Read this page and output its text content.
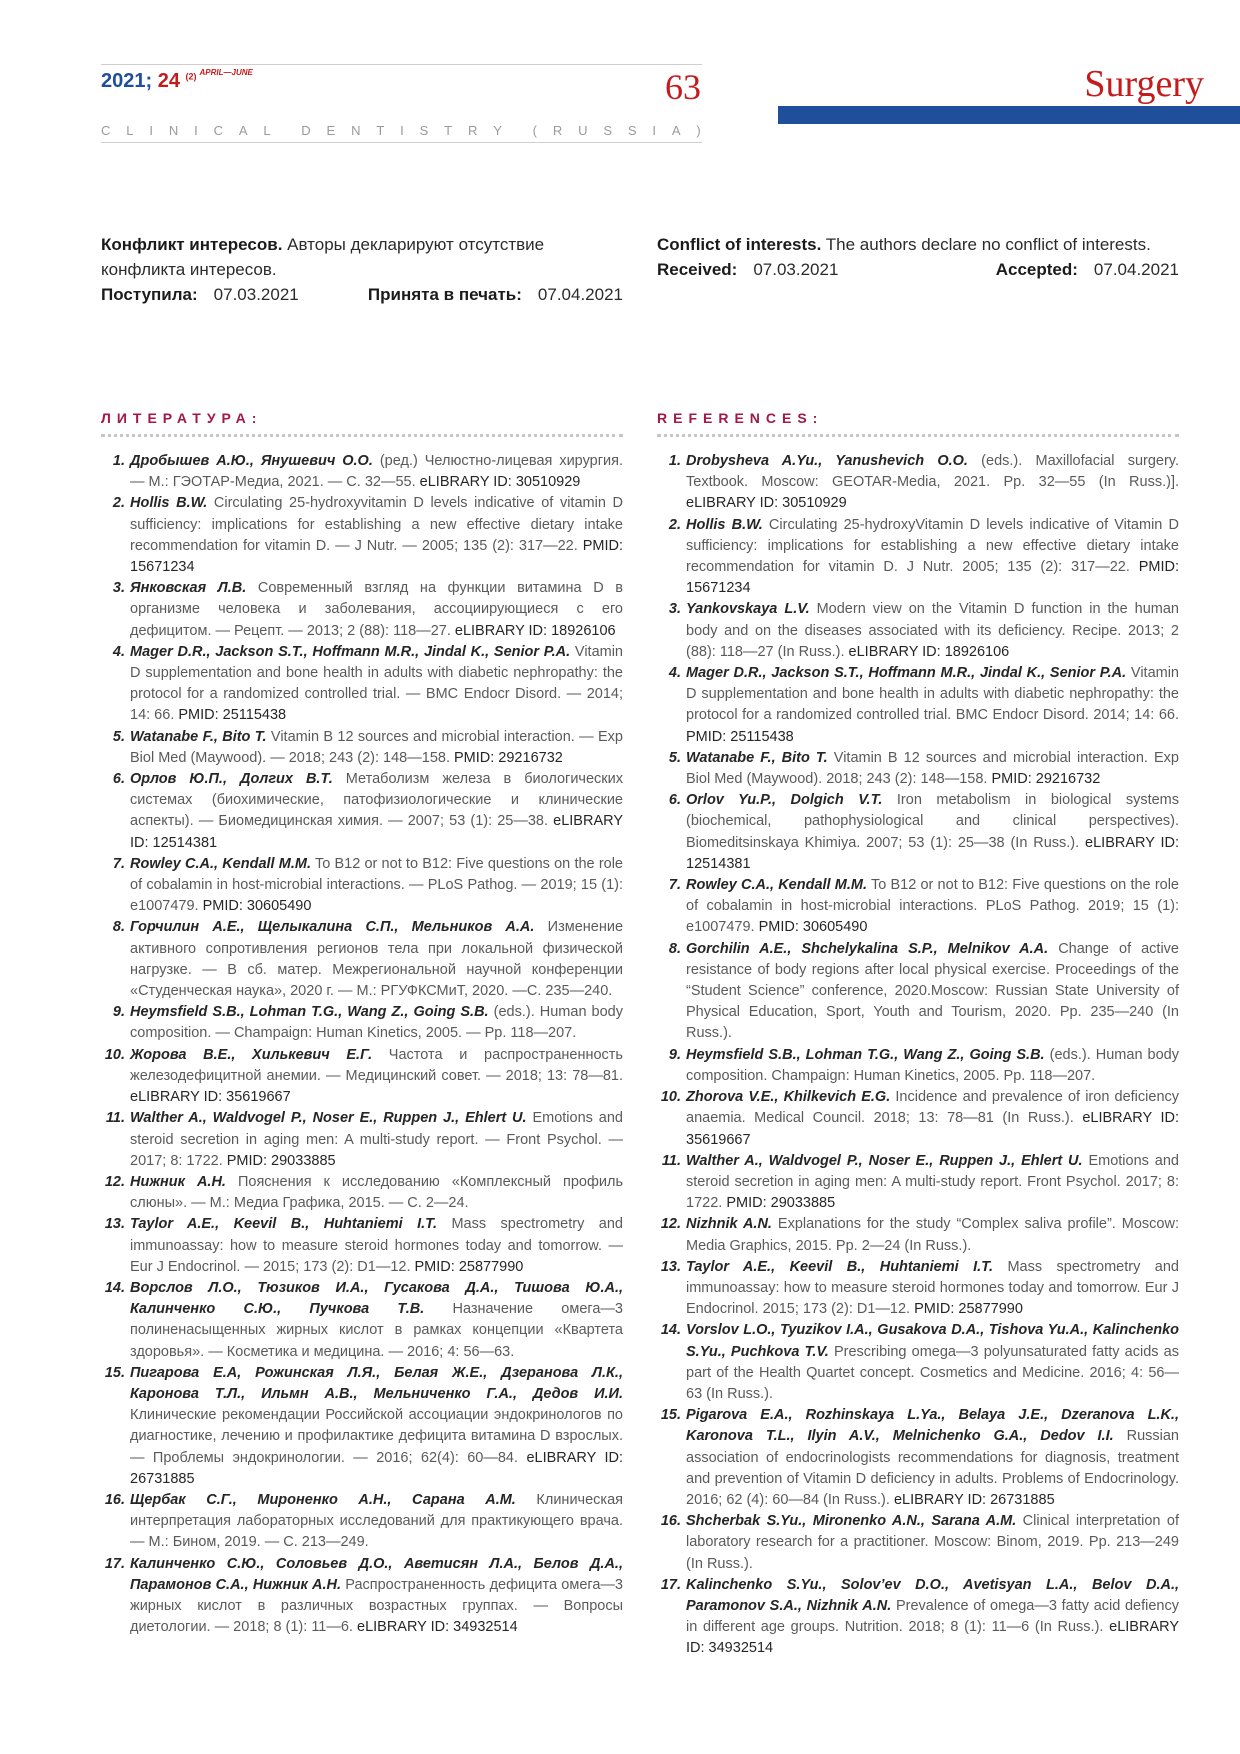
2021; 24 $^{(2)}$ $^{APRIL—JUNE}$	63
C L I N I C A L D E N T I S T R Y ( R U S S I A )
Surgery
Конфликт интересов. Авторы декларируют отсутствие конфликта интересов.
Поступила: 07.03.2021	Принята в печать: 07.04.2021
Conflict of interests. The authors declare no conflict of interests.
Received: 07.03.2021	Accepted: 07.04.2021
ЛИТЕРАТУРА:
1. Дробышев А.Ю., Янушевич О.О. (ред.) Челюстно-лицевая хирургия. — М.: ГЭОТАР-Медиа, 2021. — С. 32—55. eLIBRARY ID: 30510929
2. Hollis B.W. Circulating 25-hydroxyvitamin D levels indicative of vitamin D sufficiency: implications for establishing a new effective dietary intake recommendation for vitamin D. — J Nutr. — 2005; 135 (2): 317—22. PMID: 15671234
3. Янковская Л.В. Современный взгляд на функции витамина D в организме человека и заболевания, ассоциирующиеся с его дефицитом. — Рецепт. — 2013; 2 (88): 118—27. eLIBRARY ID: 18926106
4. Mager D.R., Jackson S.T., Hoffmann M.R., Jindal K., Senior P.A. Vitamin D supplementation and bone health in adults with diabetic nephropathy: the protocol for a randomized controlled trial. — BMC Endocr Disord. — 2014; 14: 66. PMID: 25115438
5. Watanabe F., Bito T. Vitamin B 12 sources and microbial interaction. — Exp Biol Med (Maywood). — 2018; 243 (2): 148—158. PMID: 29216732
6. Орлов Ю.П., Долгих В.Т. Метаболизм железа в биологических системах (биохимические, патофизиологические и клинические аспекты). — Биомедицинская химия. — 2007; 53 (1): 25—38. eLIBRARY ID: 12514381
7. Rowley C.A., Kendall M.M. To B12 or not to B12: Five questions on the role of cobalamin in host-microbial interactions. — PLoS Pathog. — 2019; 15 (1): e1007479. PMID: 30605490
8. Горчилин А.Е., Щелыкалина С.П., Мельников А.А. Изменение активного сопротивления регионов тела при локальной физической нагрузке. — В сб. матер. Межрегиональной научной конференции «Студенческая наука», 2020 г. — М.: РГУФКСМиТ, 2020. —С. 235—240.
9. Heymsfield S.B., Lohman T.G., Wang Z., Going S.B. (eds.). Human body composition. — Champaign: Human Kinetics, 2005. — Pp. 118—207.
10. Жорова В.Е., Хилькевич Е.Г. Частота и распространенность железодефицитной анемии. — Медицинский совет. — 2018; 13: 78—81. eLIBRARY ID: 35619667
11. Walther A., Waldvogel P., Noser E., Ruppen J., Ehlert U. Emotions and steroid secretion in aging men: A multi-study report. — Front Psychol. — 2017; 8: 1722. PMID: 29033885
12. Нижник А.Н. Пояснения к исследованию «Комплексный профиль слюны». — М.: Медиа Графика, 2015. — С. 2—24.
13. Taylor A.E., Keevil B., Huhtaniemi I.T. Mass spectrometry and immunoassay: how to measure steroid hormones today and tomorrow. — Eur J Endocrinol. — 2015; 173 (2): D1—12. PMID: 25877990
14. Ворслов Л.О., Тюзиков И.А., Гусакова Д.А., Тишова Ю.А., Калинченко С.Ю., Пучкова Т.В. Назначение омега—3 полиненасыщенных жирных кислот в рамках концепции «Квартета здоровья». — Косметика и медицина. — 2016; 4: 56—63.
15. Пигарова Е.А, Рожинская Л.Я., Белая Ж.Е., Дзеранова Л.К., Каронова Т.Л., Ильмн А.В., Мельниченко Г.А., Дедов И.И. Клинические рекомендации Российской ассоциации эндокринологов по диагностике, лечению и профилактике дефицита витамина D взрослых. — Проблемы эндокринологии. — 2016; 62(4): 60—84. eLIBRARY ID: 26731885
16. Щербак С.Г., Мироненко А.Н., Сарана А.М. Клиническая интерпретация лабораторных исследований для практикующего врача. — М.: Бином, 2019. — С. 213—249.
17. Калинченко С.Ю., Соловьев Д.О., Аветисян Л.А., Белов Д.А., Парамонов С.А., Нижник А.Н. Распространенность дефицита омега—3 жирных кислот в различных возрастных группах. — Вопросы диетологии. — 2018; 8 (1): 11—6. eLIBRARY ID: 34932514
REFERENCES:
1. Drobysheva A.Yu., Yanushevich O.O. (eds.). Maxillofacial surgery. Textbook. Moscow: GEOTAR-Media, 2021. Pp. 32—55 (In Russ.)]. eLIBRARY ID: 30510929
2. Hollis B.W. Circulating 25-hydroxyVitamin D levels indicative of Vitamin D sufficiency: implications for establishing a new effective dietary intake recommendation for vitamin D. J Nutr. 2005; 135 (2): 317—22. PMID: 15671234
3. Yankovskaya L.V. Modern view on the Vitamin D function in the human body and on the diseases associated with its deficiency. Recipe. 2013; 2 (88): 118—27 (In Russ.). eLIBRARY ID: 18926106
4. Mager D.R., Jackson S.T., Hoffmann M.R., Jindal K., Senior P.A. Vitamin D supplementation and bone health in adults with diabetic nephropathy: the protocol for a randomized controlled trial. BMC Endocr Disord. 2014; 14: 66. PMID: 25115438
5. Watanabe F., Bito T. Vitamin B 12 sources and microbial interaction. Exp Biol Med (Maywood). 2018; 243 (2): 148—158. PMID: 29216732
6. Orlov Yu.P., Dolgich V.T. Iron metabolism in biological systems (biochemical, pathophysiological and clinical perspectives). Biomeditsinskaya Khimiya. 2007; 53 (1): 25—38 (In Russ.). eLIBRARY ID: 12514381
7. Rowley C.A., Kendall M.M. To B12 or not to B12: Five questions on the role of cobalamin in host-microbial interactions. PLoS Pathog. 2019; 15 (1): e1007479. PMID: 30605490
8. Gorchilin A.E., Shchelykalina S.P., Melnikov A.A. Change of active resistance of body regions after local physical exercise. Proceedings of the “Student Science” conference, 2020.Moscow: Russian State University of Physical Education, Sport, Youth and Tourism, 2020. Pp. 235—240 (In Russ.).
9. Heymsfield S.B., Lohman T.G., Wang Z., Going S.B. (eds.). Human body composition. Champaign: Human Kinetics, 2005. Pp. 118—207.
10. Zhorova V.E., Khilkevich E.G. Incidence and prevalence of iron deficiency anaemia. Medical Council. 2018; 13: 78—81 (In Russ.). eLIBRARY ID: 35619667
11. Walther A., Waldvogel P., Noser E., Ruppen J., Ehlert U. Emotions and steroid secretion in aging men: A multi-study report. Front Psychol. 2017; 8: 1722. PMID: 29033885
12. Nizhnik A.N. Explanations for the study “Complex saliva profile”. Moscow: Media Graphics, 2015. Pp. 2—24 (In Russ.).
13. Taylor A.E., Keevil B., Huhtaniemi I.T. Mass spectrometry and immunoassay: how to measure steroid hormones today and tomorrow. Eur J Endocrinol. 2015; 173 (2): D1—12. PMID: 25877990
14. Vorslov L.O., Tyuzikov I.A., Gusakova D.A., Tishova Yu.A., Kalinchenko S.Yu., Puchkova T.V. Prescribing omega—3 polyunsaturated fatty acids as part of the Health Quartet concept. Cosmetics and Medicine. 2016; 4: 56—63 (In Russ.).
15. Pigarova E.A., Rozhinskaya L.Ya., Belaya J.E., Dzeranova L.K., Karonova T.L., Ilyin A.V., Melnichenko G.A., Dedov I.I. Russian association of endocrinologists recommendations for diagnosis, treatment and prevention of Vitamin D deficiency in adults. Problems of Endocrinology. 2016; 62 (4): 60—84 (In Russ.). eLIBRARY ID: 26731885
16. Shcherbak S.Yu., Mironenko A.N., Sarana A.M. Clinical interpretation of laboratory research for a practitioner. Moscow: Binom, 2019. Pp. 213—249 (In Russ.).
17. Kalinchenko S.Yu., Solov’ev D.O., Avetisyan L.A., Belov D.A., Paramonov S.A., Nizhnik A.N. Prevalence of omega—3 fatty acid defiency in different age groups. Nutrition. 2018; 8 (1): 11—6 (In Russ.). eLIBRARY ID: 34932514
